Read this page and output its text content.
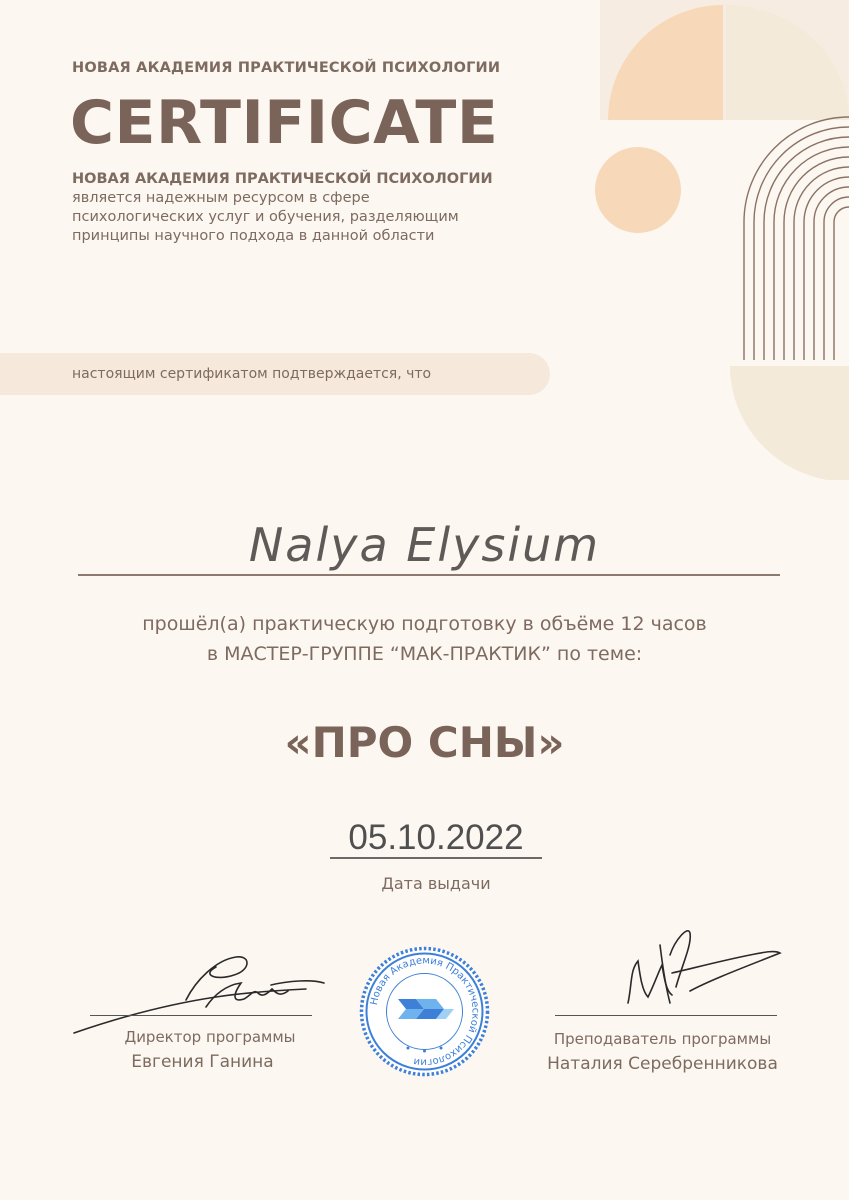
НОВАЯ АКАДЕМИЯ ПРАКТИЧЕСКОЙ ПСИХОЛОГИИ
CERTIFICATE
НОВАЯ АКАДЕМИЯ ПРАКТИЧЕСКОЙ ПСИХОЛОГИИ
является надежным ресурсом в сфере
психологических услуг и обучения, разделяющим
принципы научного подхода в данной области
настоящим сертификатом подтверждается, что
Nalya Elysium
прошёл(а) практическую подготовку в объёме 12 часов
в МАСТЕР-ГРУППЕ “МАК-ПРАКТИК” по теме:
«ПРО СНЫ»
05.10.2022
Дата выдачи
Директор программы
Евгения Ганина
Новая Академия Практической Психологии
Преподаватель программы
Наталия Серебренникова
